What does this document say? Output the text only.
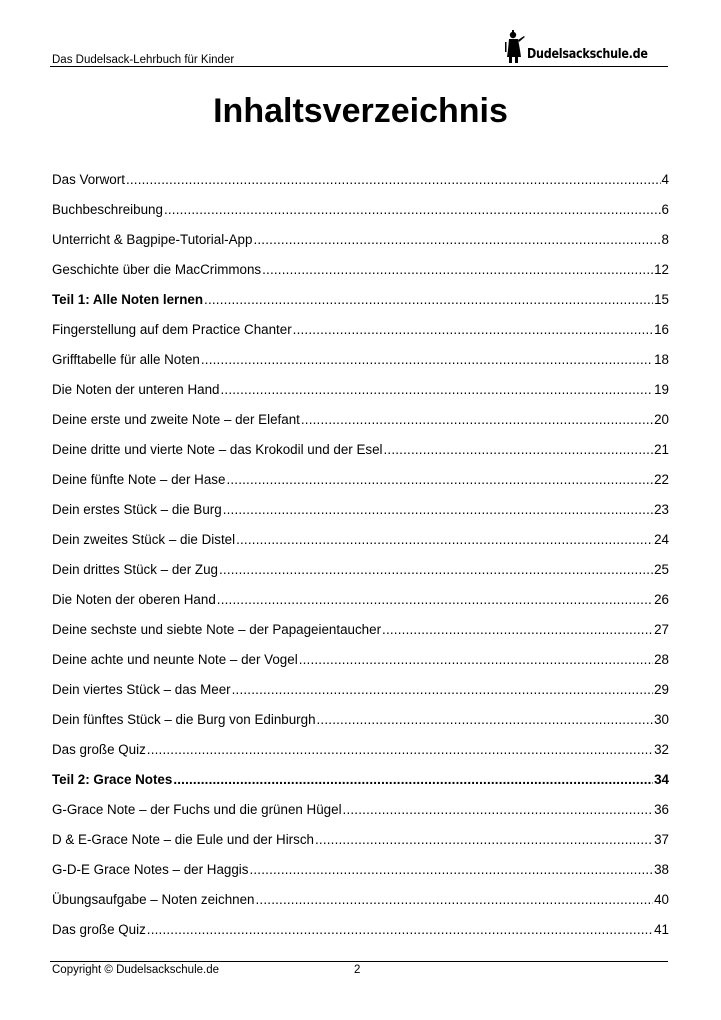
Das Dudelsack-Lehrbuch für Kinder	Dudelsackschule.de
Inhaltsverzeichnis
Das Vorwort .....	4
Buchbeschreibung .....	6
Unterricht & Bagpipe-Tutorial-App .....	8
Geschichte über die MacCrimmons .....	12
Teil 1: Alle Noten lernen .....	15
Fingerstellung auf dem Practice Chanter .....	16
Grifftabelle für alle Noten .....	18
Die Noten der unteren Hand .....	19
Deine erste und zweite Note – der Elefant .....	20
Deine dritte und vierte Note – das Krokodil und der Esel .....	21
Deine fünfte Note – der Hase .....	22
Dein erstes Stück – die Burg .....	23
Dein zweites Stück – die Distel .....	24
Dein drittes Stück – der Zug .....	25
Die Noten der oberen Hand .....	26
Deine sechste und siebte Note – der Papageientaucher .....	27
Deine achte und neunte Note – der Vogel .....	28
Dein viertes Stück – das Meer .....	29
Dein fünftes Stück – die Burg von Edinburgh .....	30
Das große Quiz .....	32
Teil 2: Grace Notes .....	34
G-Grace Note – der Fuchs und die grünen Hügel .....	36
D & E-Grace Note – die Eule und der Hirsch .....	37
G-D-E Grace Notes – der Haggis .....	38
Übungsaufgabe – Noten zeichnen .....	40
Das große Quiz .....	41
Copyright © Dudelsackschule.de	2
